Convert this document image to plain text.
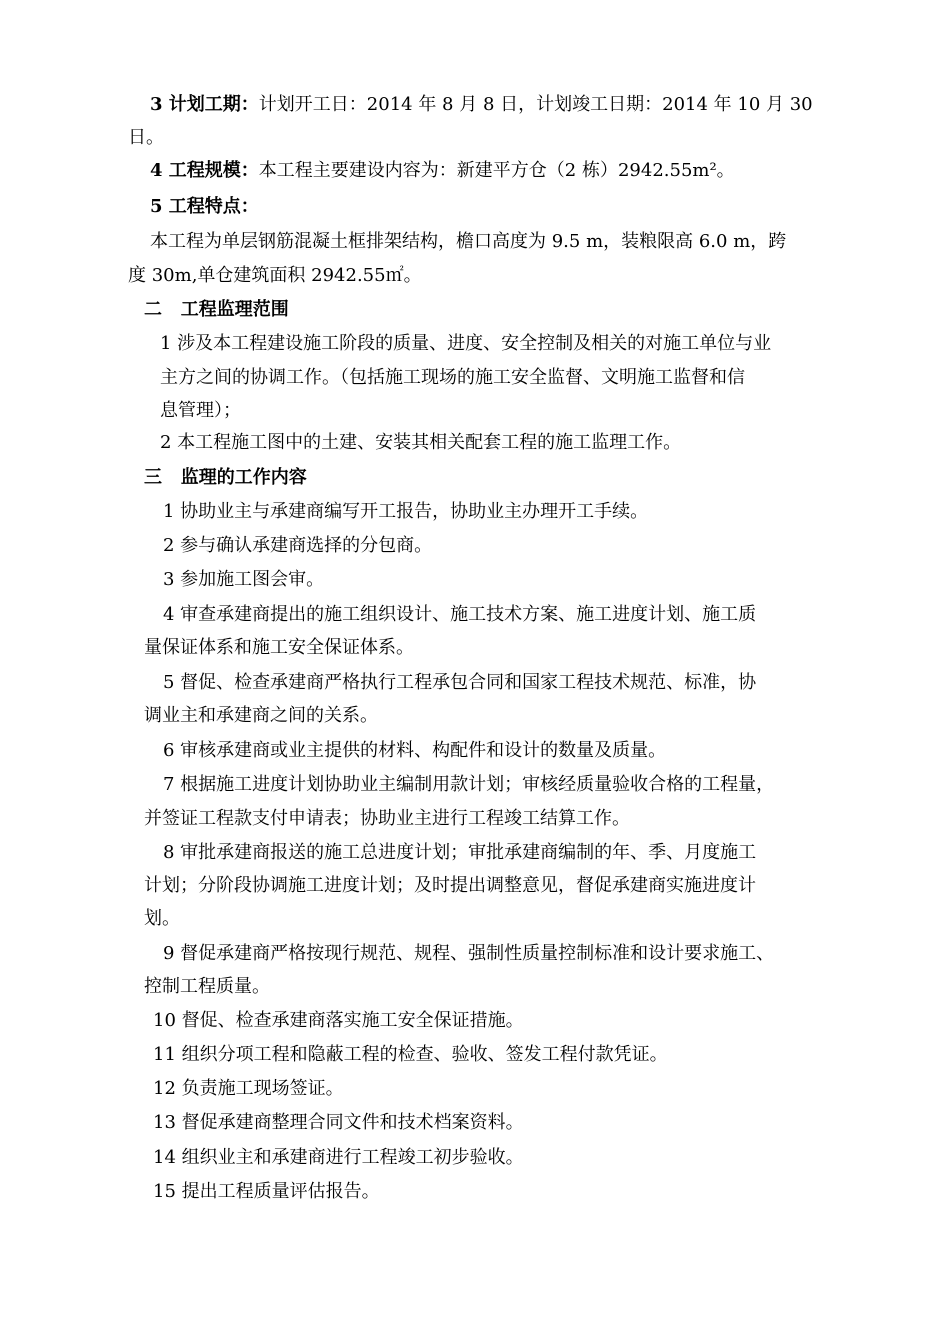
3 计划工期：计划开工日：2014 年 8 月 8 日，计划竣工日期：2014 年 10 月 30
日。
4 工程规模：本工程主要建设内容为：新建平方仓（2 栋）2942.55m²。
5 工程特点：
本工程为单层钢筋混凝土框排架结构，檐口高度为 9.5 m，装粮限高 6.0 m，跨
度 30m,单仓建筑面积 2942.55㎡。
二   工程监理范围
1 涉及本工程建设施工阶段的质量、进度、安全控制及相关的对施工单位与业
主方之间的协调工作。（包括施工现场的施工安全监督、文明施工监督和信
息管理）；
2 本工程施工图中的土建、安装其相关配套工程的施工监理工作。
三   监理的工作内容
1 协助业主与承建商编写开工报告，协助业主办理开工手续。
2 参与确认承建商选择的分包商。
3 参加施工图会审。
4 审查承建商提出的施工组织设计、施工技术方案、施工进度计划、施工质
量保证体系和施工安全保证体系。
5 督促、检查承建商严格执行工程承包合同和国家工程技术规范、标准，协
调业主和承建商之间的关系。
6 审核承建商或业主提供的材料、构配件和设计的数量及质量。
7 根据施工进度计划协助业主编制用款计划；审核经质量验收合格的工程量，
并签证工程款支付申请表；协助业主进行工程竣工结算工作。
8 审批承建商报送的施工总进度计划；审批承建商编制的年、季、月度施工
计划；分阶段协调施工进度计划；及时提出调整意见，督促承建商实施进度计
划。
9 督促承建商严格按现行规范、规程、强制性质量控制标准和设计要求施工、
控制工程质量。
10 督促、检查承建商落实施工安全保证措施。
11 组织分项工程和隐蔽工程的检查、验收、签发工程付款凭证。
12 负责施工现场签证。
13 督促承建商整理合同文件和技术档案资料。
14 组织业主和承建商进行工程竣工初步验收。
15 提出工程质量评估报告。
